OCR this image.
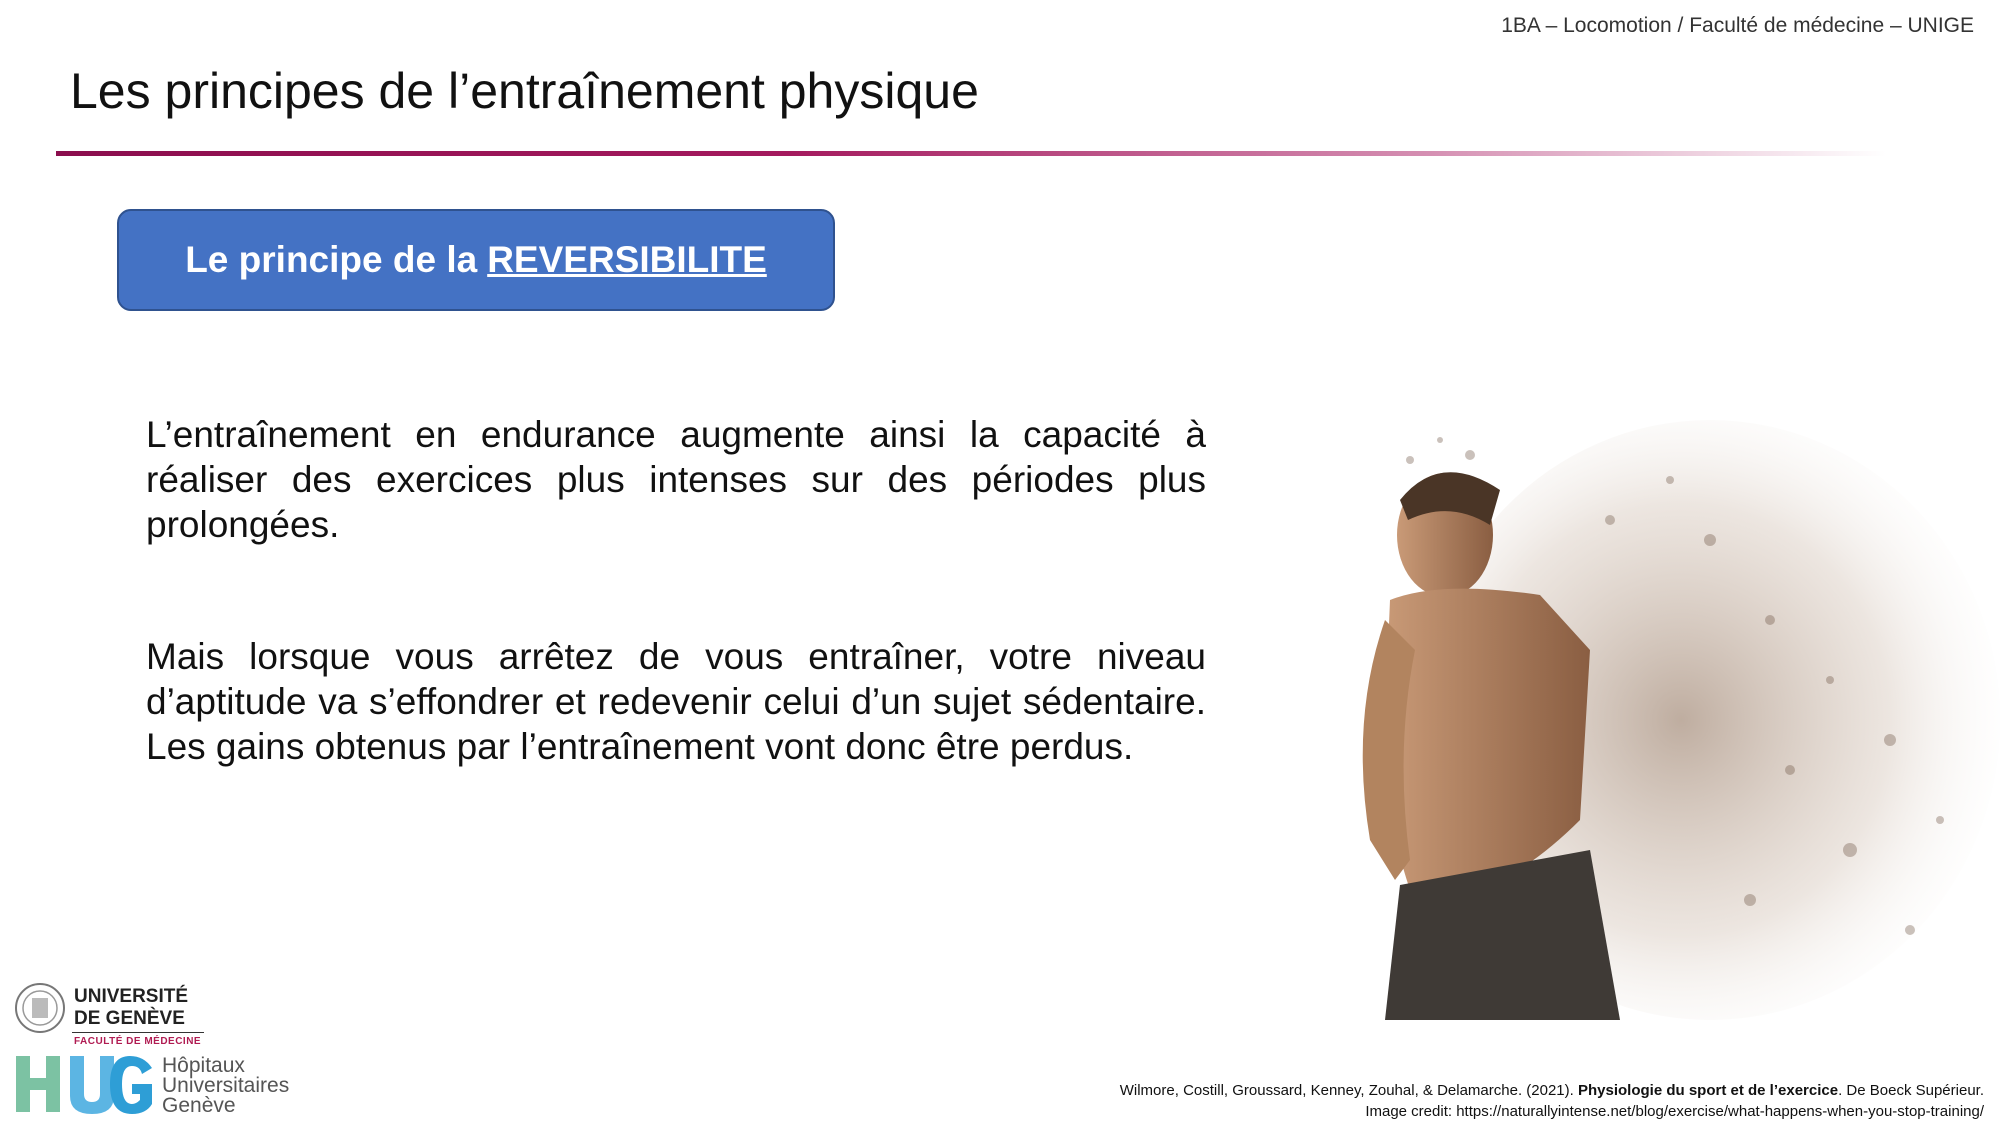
1BA – Locomotion / Faculté de médecine – UNIGE
Les principes de l’entraînement physique
Le principe de la REVERSIBILITE

L’entraînement en endurance augmente ainsi la capacité à réaliser des exercices plus intenses sur des périodes plus prolongées.

Mais lorsque vous arrêtez de vous entraîner, votre niveau d’aptitude va s’effondrer et redevenir celui d’un sujet sédentaire. Les gains obtenus par l’entraînement vont donc être perdus.

UNIVERSITÉ
DE GENÈVE
FACULTÉ DE MÉDECINE
Hôpitaux
Universitaires
Genève
Wilmore, Costill, Groussard, Kenney, Zouhal, & Delamarche. (2021). Physiologie du sport et de l’exercice. De Boeck Supérieur.
Image credit: https://naturallyintense.net/blog/exercise/what-happens-when-you-stop-training/
